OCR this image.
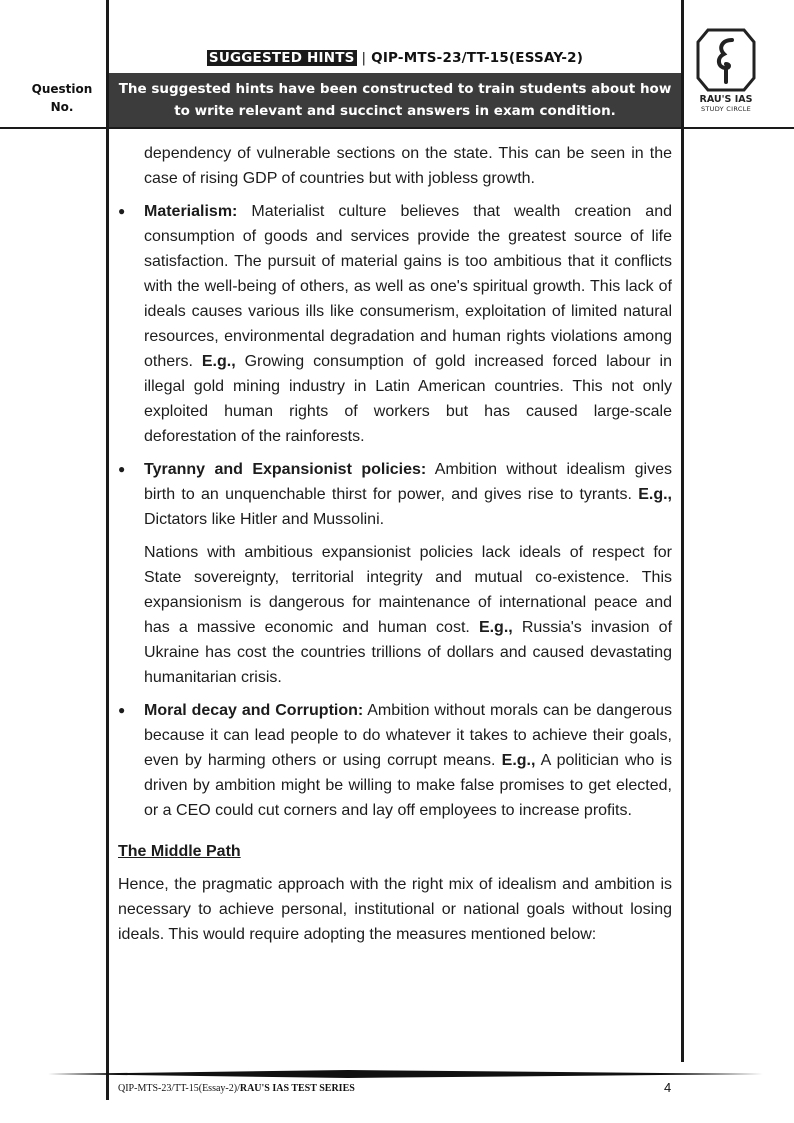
Question
No.
SUGGESTED HINTS | QIP-MTS-23/TT-15(ESSAY-2)
The suggested hints have been constructed to train students about how to write relevant and succinct answers in exam condition.
RAU'S IAS
STUDY CIRCLE

dependency of vulnerable sections on the state. This can be seen in the case of rising GDP of countries but with jobless growth.

● Materialism: Materialist culture believes that wealth creation and consumption of goods and services provide the greatest source of life satisfaction. The pursuit of material gains is too ambitious that it conflicts with the well-being of others, as well as one's spiritual growth. This lack of ideals causes various ills like consumerism, exploitation of limited natural resources, environmental degradation and human rights violations among others. E.g., Growing consumption of gold increased forced labour in illegal gold mining industry in Latin American countries. This not only exploited human rights of workers but has caused large-scale deforestation of the rainforests.

● Tyranny and Expansionist policies: Ambition without idealism gives birth to an unquenchable thirst for power, and gives rise to tyrants. E.g., Dictators like Hitler and Mussolini.

Nations with ambitious expansionist policies lack ideals of respect for State sovereignty, territorial integrity and mutual co-existence. This expansionism is dangerous for maintenance of international peace and has a massive economic and human cost. E.g., Russia's invasion of Ukraine has cost the countries trillions of dollars and caused devastating humanitarian crisis.

● Moral decay and Corruption: Ambition without morals can be dangerous because it can lead people to do whatever it takes to achieve their goals, even by harming others or using corrupt means. E.g., A politician who is driven by ambition might be willing to make false promises to get elected, or a CEO could cut corners and lay off employees to increase profits.

The Middle Path

Hence, the pragmatic approach with the right mix of idealism and ambition is necessary to achieve personal, institutional or national goals without losing ideals. This would require adopting the measures mentioned below:

QIP-MTS-23/TT-15(Essay-2)/RAU'S IAS TEST SERIES	4
